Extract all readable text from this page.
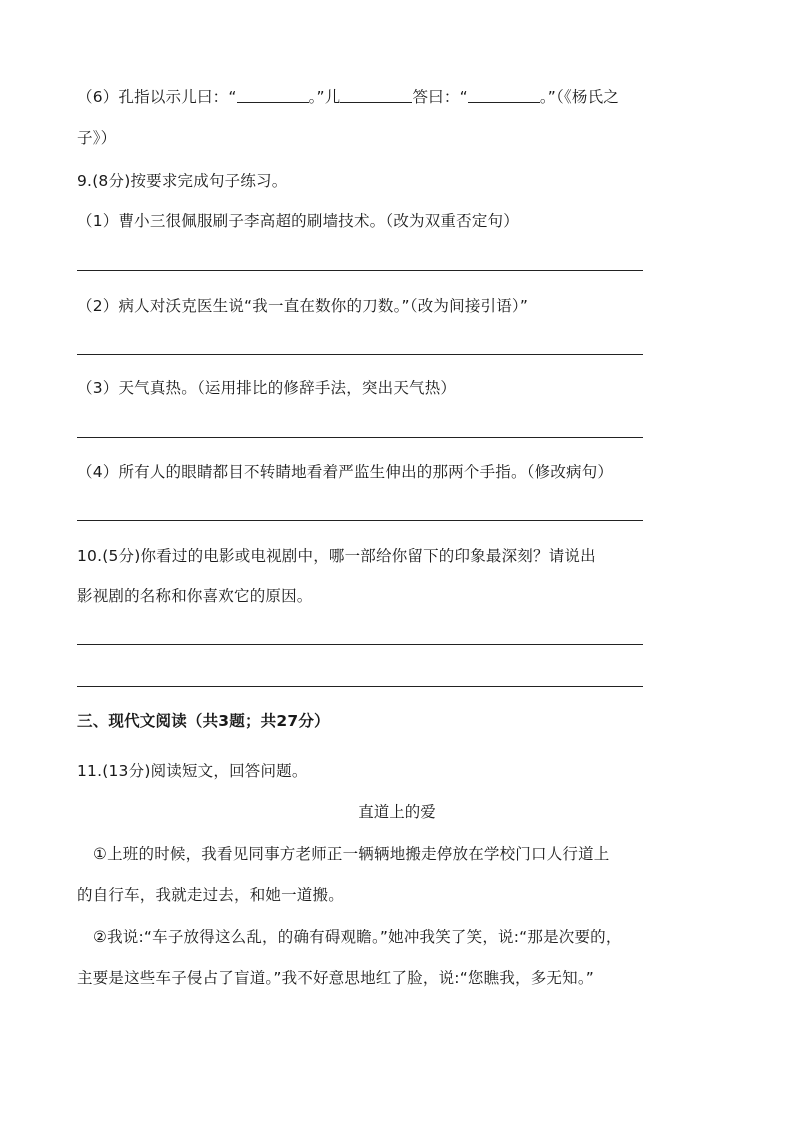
（6）孔指以示儿曰：“	。”儿	答曰：“	。”（《杨氏之
子》）
9.(8分)按要求完成句子练习。
（1）曹小三很佩服刷子李高超的刷墙技术。（改为双重否定句）
（2）病人对沃克医生说“我一直在数你的刀数。”（改为间接引语）”
（3）天气真热。（运用排比的修辞手法，突出天气热）
（4）所有人的眼睛都目不转睛地看着严监生伸出的那两个手指。（修改病句）
10.(5分)你看过的电影或电视剧中，哪一部给你留下的印象最深刻？请说出
影视剧的名称和你喜欢它的原因。
三、现代文阅读（共3题；共27分）
11.(13分)阅读短文，回答问题。
直道上的爱
①上班的时候，我看见同事方老师正一辆辆地搬走停放在学校门口人行道上
的自行车，我就走过去，和她一道搬。
②我说:“车子放得这么乱，的确有碍观瞻。”她冲我笑了笑，说:“那是次要的，
主要是这些车子侵占了盲道。”我不好意思地红了脸，说:“您瞧我，多无知。”
